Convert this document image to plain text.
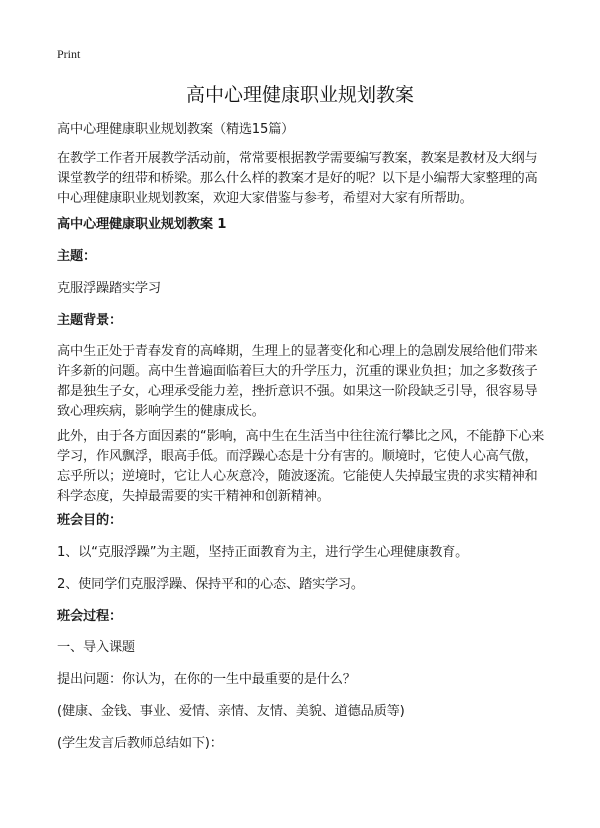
Print
高中心理健康职业规划教案
高中心理健康职业规划教案（精选15篇）
在教学工作者开展教学活动前，常常要根据教学需要编写教案，教案是教材及大纲与课堂教学的纽带和桥梁。那么什么样的教案才是好的呢？以下是小编帮大家整理的高中心理健康职业规划教案，欢迎大家借鉴与参考，希望对大家有所帮助。
高中心理健康职业规划教案 1
主题：
克服浮躁踏实学习
主题背景：
高中生正处于青春发育的高峰期，生理上的显著变化和心理上的急剧发展给他们带来许多新的问题。高中生普遍面临着巨大的升学压力，沉重的课业负担；加之多数孩子都是独生子女，心理承受能力差，挫折意识不强。如果这一阶段缺乏引导，很容易导致心理疾病，影响学生的健康成长。
此外，由于各方面因素的“影响，高中生在生活当中往往流行攀比之风，不能静下心来学习，作风飘浮，眼高手低。而浮躁心态是十分有害的。顺境时，它使人心高气傲，忘乎所以；逆境时，它让人心灰意冷，随波逐流。它能使人失掉最宝贵的求实精神和科学态度，失掉最需要的实干精神和创新精神。
班会目的：
1、以“克服浮躁”为主题，坚持正面教育为主，进行学生心理健康教育。
2、使同学们克服浮躁、保持平和的心态、踏实学习。
班会过程：
一、导入课题
提出问题：你认为，在你的一生中最重要的是什么？
(健康、金钱、事业、爱情、亲情、友情、美貌、道德品质等)
(学生发言后教师总结如下)：
